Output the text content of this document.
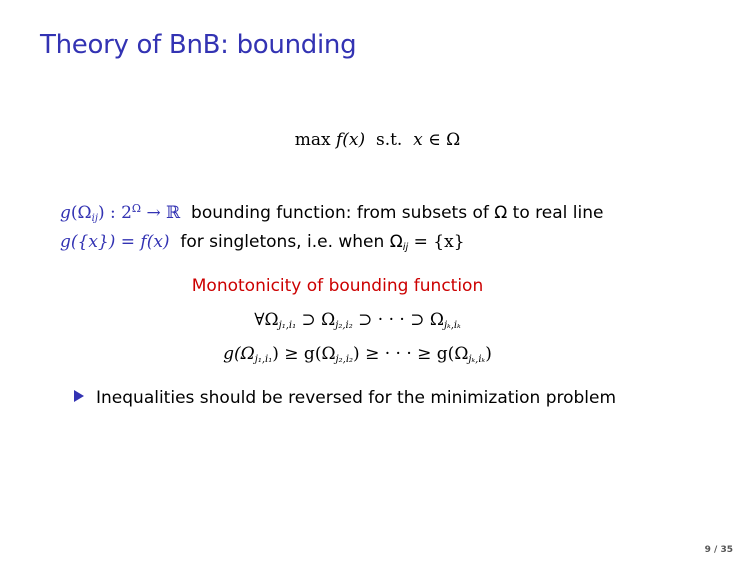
Theory of BnB: bounding
max f(x) s.t. x ∈ Ω
$g(\Omega_{ij})$ : $2^\Omega$ → ℝ bounding function: from subsets of Ω to real line
g({x}) = f(x) for singletons, i.e. when $\Omega_{ij} = \{x\}$
Monotonicity of bounding function
$\forall\Omega_{j_1,i_1}$ ⊃ $\Omega_{j_2,i_2}$ ⊃ · · · ⊃ $\Omega_{j_k,i_k}$
$g(\Omega_{j_1,i_1}) \ge g(\Omega_{j_2,i_2})$ ≥ · · · ≥ $g(\Omega_{j_k,i_k})$
Inequalities should be reversed for the minimization problem
9 / 35
